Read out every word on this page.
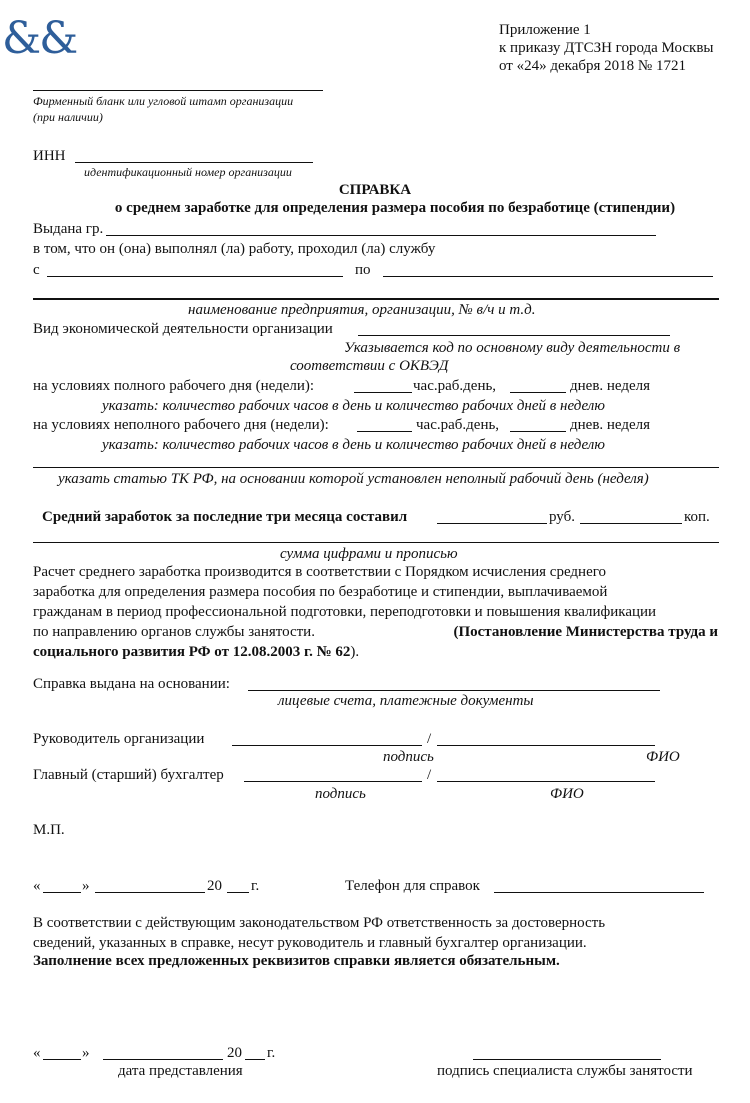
&&	Приложение 1
к приказу ДТСЗН города Москвы
от «24» декабря 2018 № 1721
Фирменный бланк или угловой штамп организации
(при наличии)
ИНН
идентификационный номер организации
СПРАВКА
о среднем заработке для определения размера пособия по безработице (стипендии)
Выдана гр.
в том, что он (она) выполнял (ла) работу, проходил (ла) службу
с	по
наименование предприятия, организации, № в/ч и т.д.
Вид экономической деятельности организации
Указывается код по основному виду деятельности в
соответствии с ОКВЭД
на условиях полного рабочего дня (недели):	час.раб.день,	днев. неделя
указать: количество рабочих часов в день и количество рабочих дней в неделю
на условиях неполного рабочего дня (недели):	час.раб.день,	днев. неделя
указать: количество рабочих часов в день и количество рабочих дней в неделю
указать статью ТК РФ, на основании которой установлен неполный рабочий день (неделя)
Средний заработок за последние три месяца составил	руб.	коп.
сумма цифрами и прописью
Расчет среднего заработка производится в соответствии с Порядком исчисления среднего
заработка для определения размера пособия по безработице и стипендии, выплачиваемой
гражданам в период профессиональной подготовки, переподготовки и повышения квалификации
по направлению органов службы занятости.	(Постановление Министерства труда и
социального развития РФ от 12.08.2003 г. № 62).
Справка выдана на основании:
лицевые счета, платежные документы
Руководитель организации	/
подпись	ФИО
Главный (старший) бухгалтер	/
подпись	ФИО
М.П.
«	»	20 г.	Телефон для справок
В соответствии с действующим законодательством РФ ответственность за достоверность
сведений, указанных в справке, несут руководитель и главный бухгалтер организации.
Заполнение всех предложенных реквизитов справки является обязательным.
«	»	20 г.
дата представления	подпись специалиста службы занятости
